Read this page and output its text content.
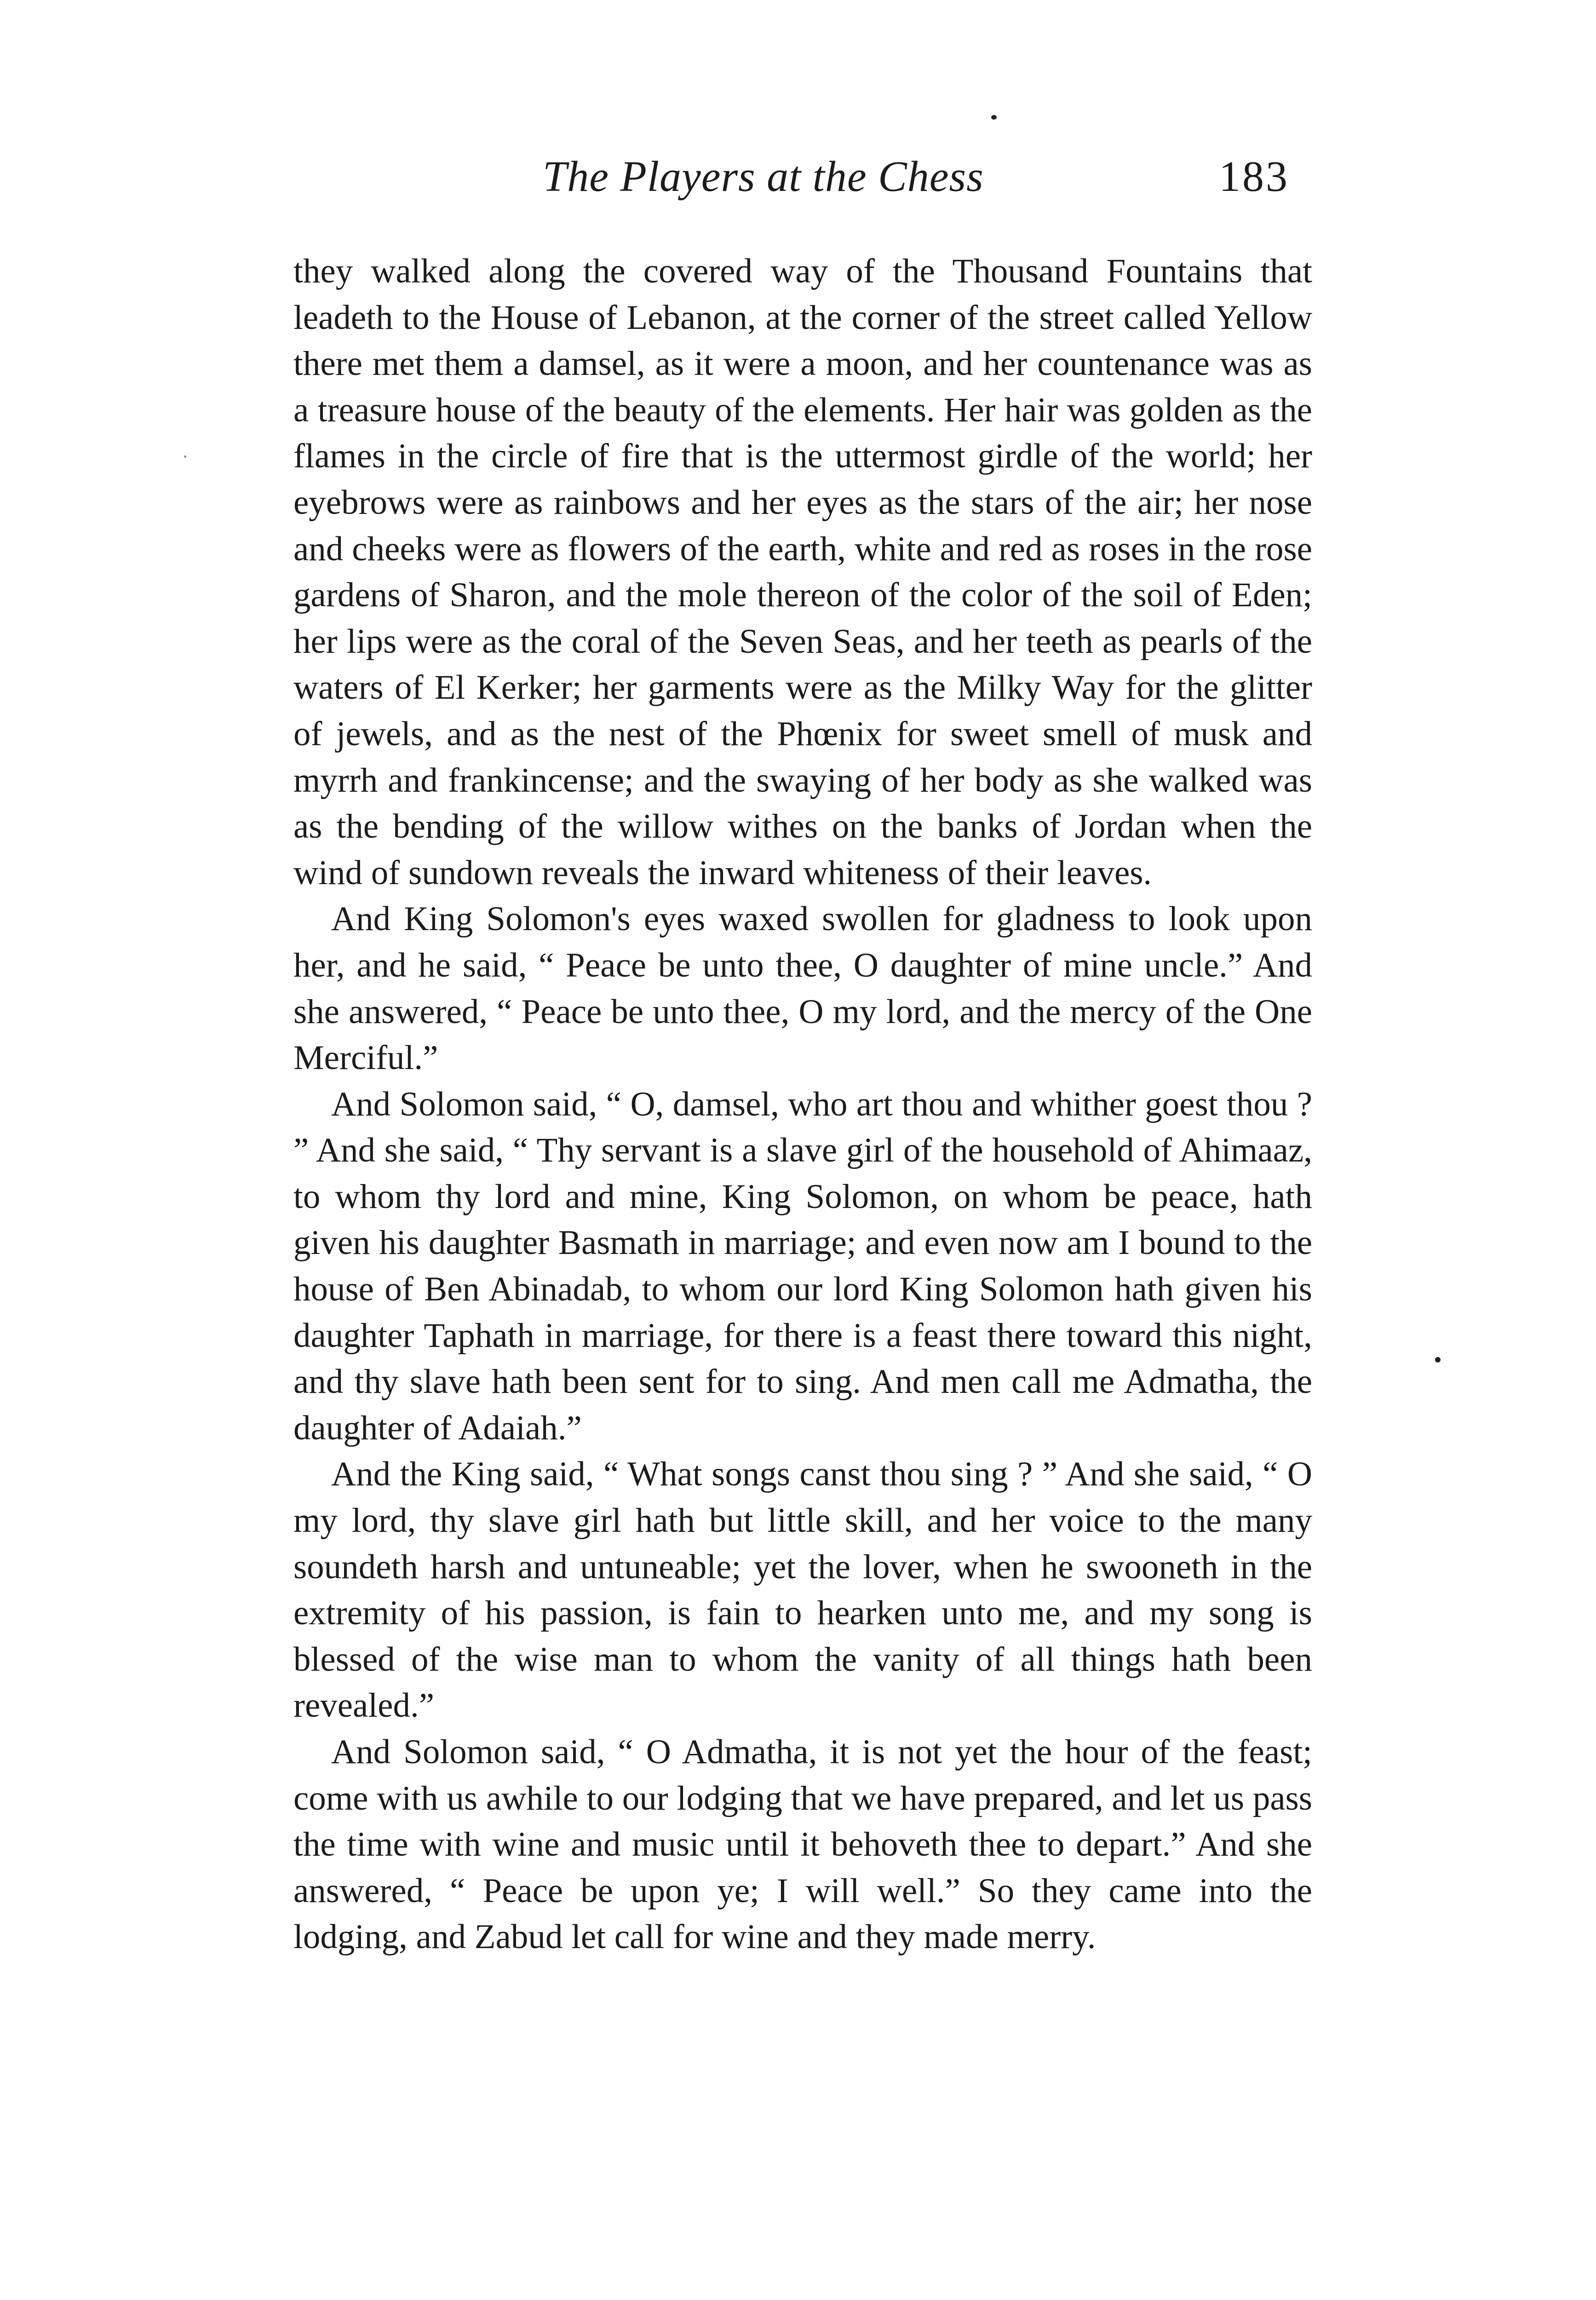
The Players at the Chess	183

they walked along the covered way of the Thousand Fountains that leadeth to the House of Lebanon, at the corner of the street called Yellow there met them a damsel, as it were a moon, and her countenance was as a treasure house of the beauty of the elements. Her hair was golden as the flames in the circle of fire that is the uttermost girdle of the world; her eyebrows were as rainbows and her eyes as the stars of the air; her nose and cheeks were as flowers of the earth, white and red as roses in the rose gardens of Sharon, and the mole thereon of the color of the soil of Eden; her lips were as the coral of the Seven Seas, and her teeth as pearls of the waters of El Kerker; her garments were as the Milky Way for the glitter of jewels, and as the nest of the Phœnix for sweet smell of musk and myrrh and frankincense; and the swaying of her body as she walked was as the bending of the willow withes on the banks of Jordan when the wind of sundown reveals the inward whiteness of their leaves.

And King Solomon's eyes waxed swollen for gladness to look upon her, and he said, “ Peace be unto thee, O daughter of mine uncle.” And she answered, “ Peace be unto thee, O my lord, and the mercy of the One Merciful.”

And Solomon said, “ O, damsel, who art thou and whither goest thou ? ” And she said, “ Thy servant is a slave girl of the household of Ahimaaz, to whom thy lord and mine, King Solomon, on whom be peace, hath given his daughter Basmath in marriage; and even now am I bound to the house of Ben Abinadab, to whom our lord King Solomon hath given his daughter Taphath in marriage, for there is a feast there toward this night, and thy slave hath been sent for to sing. And men call me Admatha, the daughter of Adaiah.”

And the King said, “ What songs canst thou sing ? ” And she said, “ O my lord, thy slave girl hath but little skill, and her voice to the many soundeth harsh and untuneable; yet the lover, when he swooneth in the extremity of his passion, is fain to hearken unto me, and my song is blessed of the wise man to whom the vanity of all things hath been revealed.”

And Solomon said, “ O Admatha, it is not yet the hour of the feast; come with us awhile to our lodging that we have prepared, and let us pass the time with wine and music until it behoveth thee to depart.” And she answered, “ Peace be upon ye; I will well.” So they came into the lodging, and Zabud let call for wine and they made merry.
